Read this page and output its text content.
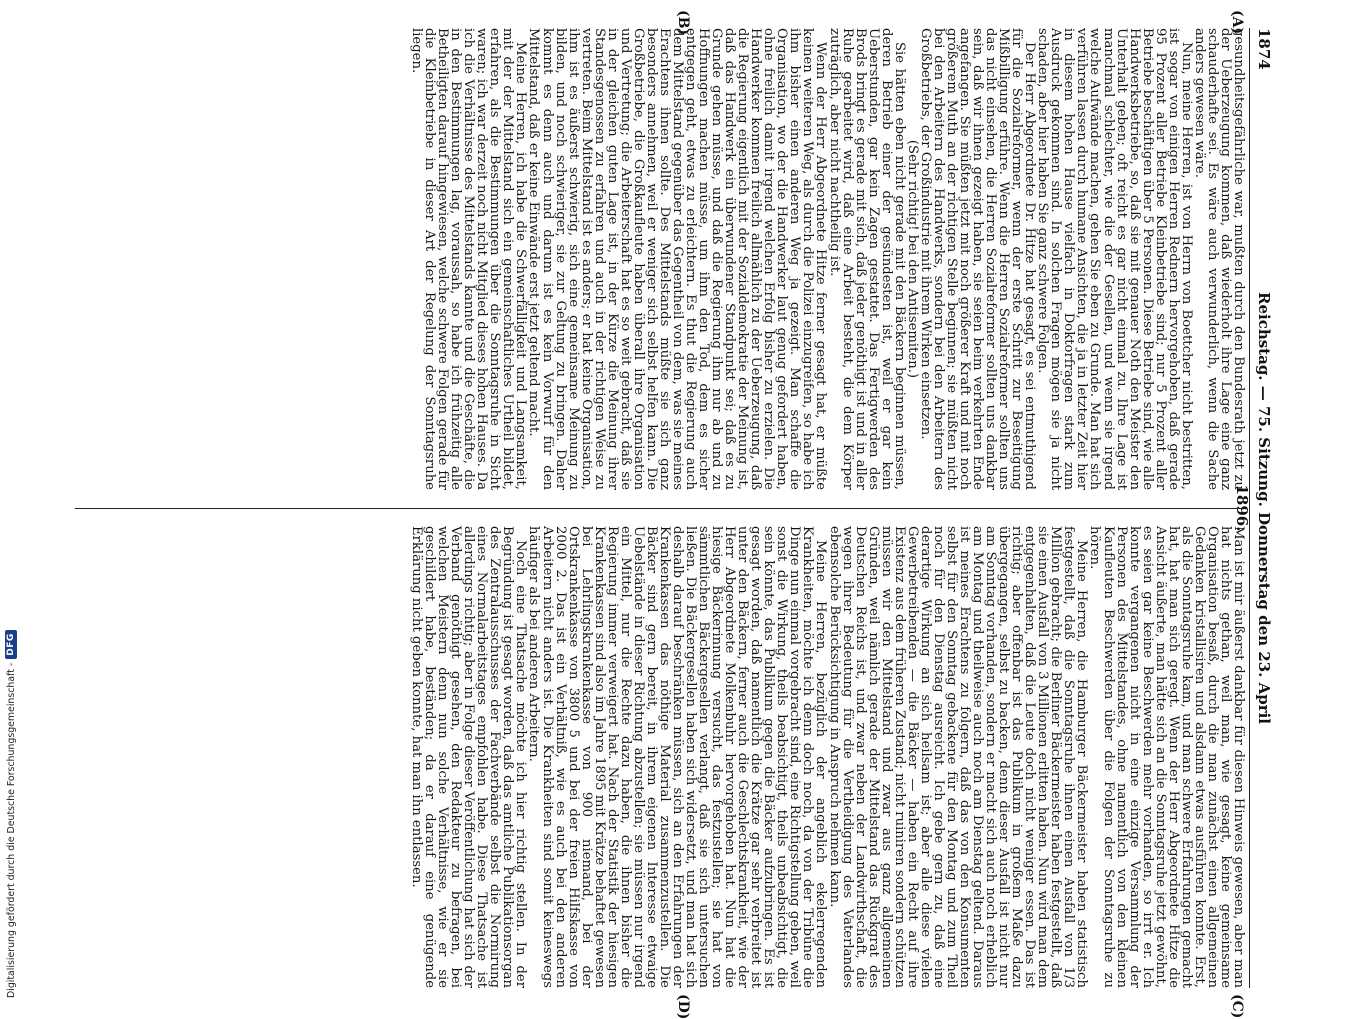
1874
Reichstag. — 75. Sitzung. Donnerstag den 23. April 1896.
(A)
(B)
(C)
(D)

gesundheitsgefährliche war, mußten durch den Bundesrath jetzt zu der Ueberzeugung kommen, daß wiederholt ihre Lage eine ganz schauderhafte sei. Es wäre auch verwunderlich, wenn die Sache anders gewesen wäre.

Nun, meine Herren, ist von Herrn von Boettcher nicht bestritten, ist sogar von einigen Herren Rednern hervorgehoben, daß gerade 95 Prozent aller Betriebe Kleinbetriebe sind; nur 5 Prozent aller Betriebe beschäftigen über 5 Personen. Diese Betriebe sind, wie alle Handwerksbetriebe, so, daß sie mit genauer Noth den Meister den Unterhalt geben; oft reicht es gar nicht einmal zu. Ihre Lage ist manchmal schlechter, wie die der Gesellen, und wenn sie irgend welche Aufwände machen, gehen Sie eben zu Grunde. Man hat sich verführen lassen durch humane Ansichten, die ja in letzter Zeit hier in diesem hohen Hause vielfach in Doktorfragen stark zum Ausdruck gekommen sind. In solchen Fragen mögen sie ja nicht schaden, aber hier haben Sie ganz schwere Folgen.

Der Herr Abgeordnete Dr. Hitze hat gesagt, es sei entmuthigend für die Sozialreformer, wenn der erste Schritt zur Beseitigung Mißbilligung erführe. Wenn die Herren Sozialreformer sollten uns das nicht einsehen, die Herren Sozialreformer sollten uns dankbar sein, daß wir ihnen gezeigt haben, sie seien beim verkehrten Ende angefangen. Sie müßten jetzt mit noch größerer Kraft und mit noch größerem Muth an der richtigen Stelle beginnen; sie müßten nicht bei den Arbeitern des Handwerks, sondern bei den Arbeitern des Großbetriebs, der Großindustrie mit ihrem Wirken einsetzen.

(Sehr richtig! bei den Antisemiten.)

Sie hätten eben nicht gerade mit den Bäckern beginnen müssen, deren Betrieb einer der gesündesten ist, weil er gar kein Ueberstunden, gar kein Zagen gestattet. Das Fertigwerden des Brods bringt es gerade mit sich, daß jeder genöthigt ist und in aller Ruhe gearbeitet wird, daß eine Arbeit besteht, die dem Körper zuträglich, aber nicht nachtheilig ist.

Wenn der Herr Abgeordnete Hitze ferner gesagt hat, er müßte keinen weiteren Weg, als durch die Polizei einzugreifen, so habe ich ihm bisher einen anderen Weg ja gezeigt. Man schaffe die Organisation, wo der die Handwerker laut genug gefordert haben, ohne freilich damit irgend welchen Erfolg bisher zu erzielen. Die Handwerker kommen freilich allmählich zu der Ueberzeugung, daß die Regierung eigentlich mit der Sozialdemokratie der Meinung ist, daß das Handwerk ein überwundener Standpunkt sei; daß es zu Grunde gehen müsse, und daß die Regierung ihm nur ab und zu Hoffnungen machen müsse, um ihm den Tod, dem es sicher entgegen geht, etwas zu erleichtern. Es thut die Regierung auch dem Mittelstand gegenüber das Gegentheil von dem, was sie meines Erachtens ihnen sollte. Des Mittelstands müßte sie sich ganz besonders annehmen, weil er weniger sich selbst helfen kann. Die Großbetriebe, die Großkaufleute haben überall ihre Organisation und Vertretung; die Arbeiterschaft hat es so weit gebracht, daß sie in der gleichen guten Lage ist, in der Kürze die Meinung ihrer Standesgenossen zu erfahren und auch in der richtigen Weise zu vertreten. Beim Mittelstand ist es anders; er hat keine Organisation, ihm ist es äußerst schwierig, sich eine gemeinsame Meinung zu bilden, und noch schwieriger, sie zur Geltung zu bringen. Daher kommt es denn auch und darum ist es kein Vorwurf für den Mittelstand, daß er keine Einwände erst jetzt geltend macht.

Meine Herren, ich habe die Schwerfälligkeit und Langsamkeit, mit der der Mittelstand sich ein gemeinschaftliches Urtheil bildet, erfahren, als die Bestimmungen über die Sonntagsruhe in Sicht waren; ich war derzeit noch nicht Mitglied dieses hohen Hauses. Da ich die Verhältnisse des Mittelstands kannte und die Geschäfte, die in den Bestimmungen lag, voraussah, so habe ich frühzeitig alle Betheiligten darauf hingewiesen, welche schwere Folgen gerade für die Kleinbetriebe in dieser Art der Regelung der Sonntagsruhe liegen.

Man ist mir äußerst dankbar für diesen Hinweis gewesen, aber man hat nichts gethan, weil man, wie gesagt, keine gemeinsame Organisation besaß, durch die man zunächst einen allgemeinen Gedanken kristallisiren und alsdann etwas ausführen konnte. Erst, als die Sonntagsruhe kam, und man schwere Erfahrungen gemacht hat, hat man sich geregt. Wenn der Herr Abgeordnete Hitze die Ansicht äußerte, man hätte sich an die Sonntagsruhe jetzt gewöhnt, es seien gar keine Beschwerden mehr vorhanden, so irrt er. Ich konnte vergangenen nicht in eine einzige Versammlung der Personen des Mittelstandes, ohne namentlich von den kleinen Kaufleuten Beschwerden über die Folgen der Sonntagsruhe zu hören.

Meine Herren, die Hamburger Bäckermeister haben statistisch festgestellt, daß die Sonntagsruhe ihnen einen Ausfall von 1/3 Million gebracht; die Berliner Bäckermeister haben festgestellt, daß sie einen Ausfall von 3 Millionen erlitten haben. Nun wird man dem entgegenhalten, daß die Leute doch nicht weniger essen. Das ist richtig; aber offenbar ist das Publikum in großem Maße dazu übergegangen, selbst zu backen, denn dieser Ausfall ist nicht nur am Sonntag vorhanden, sondern er macht sich auch noch erheblich am Montag und theilweise auch noch am Dienstag geltend. Daraus ist meines Erachtens zu folgern, daß das von den Konsumenten selbst für den Sonntag gebackene für den Montag und zum Theil noch für den Dienstag ausreicht. Ich gebe gern zu, daß eine derartige Wirkung an sich heilsam ist; aber alle diese vielen Gewerbetreibenden — die Bäcker — haben ein Recht auf ihre Existenz aus dem früheren Zustand; nicht ruiniren sondern schützen müssen wir den Mittelstand und zwar aus ganz allgemeinen Gründen, weil nämlich gerade der Mittelstand das Rückgrat des Deutschen Reichs ist, und zwar neben der Landwirthschaft, die wegen ihrer Bedeutung für die Vertheidigung des Vaterlandes ebensolche Berücksichtigung in Anspruch nehmen kann.

Meine Herren, bezüglich der angeblich ekelerregenden Krankheiten, möchte ich denn doch noch, da von der Tribüne die Dinge nun einmal vorgebracht sind, eine Richtigstellung geben, weil sonst die Wirkung, theils beabsichtigt, theils unbeabsichtigt, die sein könnte, das Publikum gegen die Bäcker aufzubringen. Es ist gesagt worden, daß namentlich die Krätze gar sehr verbreitet ist unter den Bäckern, ferner auch die Geschlechtskrankheit, wie der Herr Abgeordnete Molkenbuhr hervorgehoben hat. Nun hat die hiesige Bäckerinnung versucht, das festzustellen; sie hat von sämmtlichen Bäckergesellen verlangt, daß sie sich untersuchen ließen. Die Bäckergesellen haben sich widersetzt, und man hat sich deshalb darauf beschränken müssen, sich an den Erfahrungen der Krankenkassen das nöthige Material zusammenzustellen. Die Bäcker sind gern bereit, in ihrem eigenen Interesse etwaige Uebelstände in dieser Richtung abzustellen; sie müssen nur irgend ein Mittel, nur die Rechte dazu haben, die ihnen bisher die Regierung immer verweigert hat. Nach der Statistik der hiesigen Krankenkassen sind also im Jahre 1895 mit Krätze behaftet gewesen bei Lehrlingskrankenkasse von 900 niemand, bei der Ortskrankenkasse von 3800 5 und bei der freien Hilfskasse von 2000 2. Das ist ein Verhältniß, wie es auch bei den anderen Arbeitern nicht anders ist. Die Krankheiten sind somit keineswegs häufiger als bei anderen Arbeitern.

Noch eine Thatsache möchte ich hier richtig stellen. In der Begründung ist gesagt worden, daß das amtliche Publikationsorgan des Zentralausschusses der Fachverbände selbst die Normirung eines Normalarbeitstages empfohlen habe. Diese Thatsache ist allerdings richtig; aber in Folge dieser Veröffentlichung hat sich der Verband genöthigt gesehen, den Redakteur zu befragen, bei welchen Meistern denn nun solche Verhältnisse, wie er sie geschildert habe, beständen; da er darauf eine genügende Erklärung nicht geben konnte, hat man ihn entlassen.

Digitalisierung gefördert durch die Deutsche Forschungsgemeinschaft -
DFG
